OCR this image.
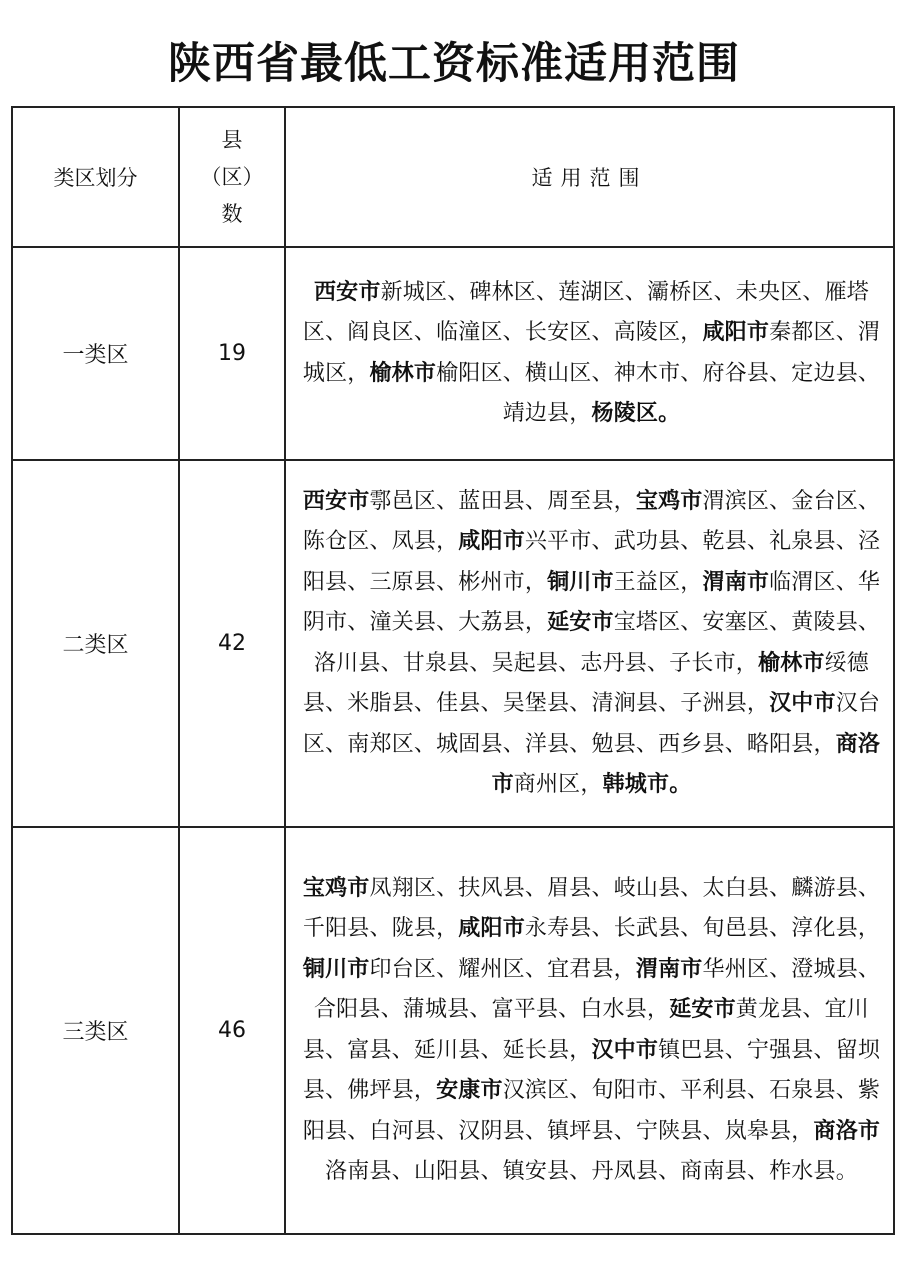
陕西省最低工资标准适用范围
类区划分	县
（区）
数	适用范围
一类区	19	西安市新城区、碑林区、莲湖区、灞桥区、未央区、雁塔区、阎良区、临潼区、长安区、高陵区，咸阳市秦都区、渭城区，榆林市榆阳区、横山区、神木市、府谷县、定边县、靖边县，杨陵区。
二类区	42	西安市鄠邑区、蓝田县、周至县，宝鸡市渭滨区、金台区、陈仓区、凤县，咸阳市兴平市、武功县、乾县、礼泉县、泾阳县、三原县、彬州市，铜川市王益区，渭南市临渭区、华阴市、潼关县、大荔县，延安市宝塔区、安塞区、黄陵县、洛川县、甘泉县、吴起县、志丹县、子长市，榆林市绥德县、米脂县、佳县、吴堡县、清涧县、子洲县，汉中市汉台区、南郑区、城固县、洋县、勉县、西乡县、略阳县，商洛市商州区，韩城市。
三类区	46	宝鸡市凤翔区、扶风县、眉县、岐山县、太白县、麟游县、千阳县、陇县，咸阳市永寿县、长武县、旬邑县、淳化县，铜川市印台区、耀州区、宜君县，渭南市华州区、澄城县、合阳县、蒲城县、富平县、白水县，延安市黄龙县、宜川县、富县、延川县、延长县，汉中市镇巴县、宁强县、留坝县、佛坪县，安康市汉滨区、旬阳市、平利县、石泉县、紫阳县、白河县、汉阴县、镇坪县、宁陕县、岚皋县，商洛市洛南县、山阳县、镇安县、丹凤县、商南县、柞水县。
